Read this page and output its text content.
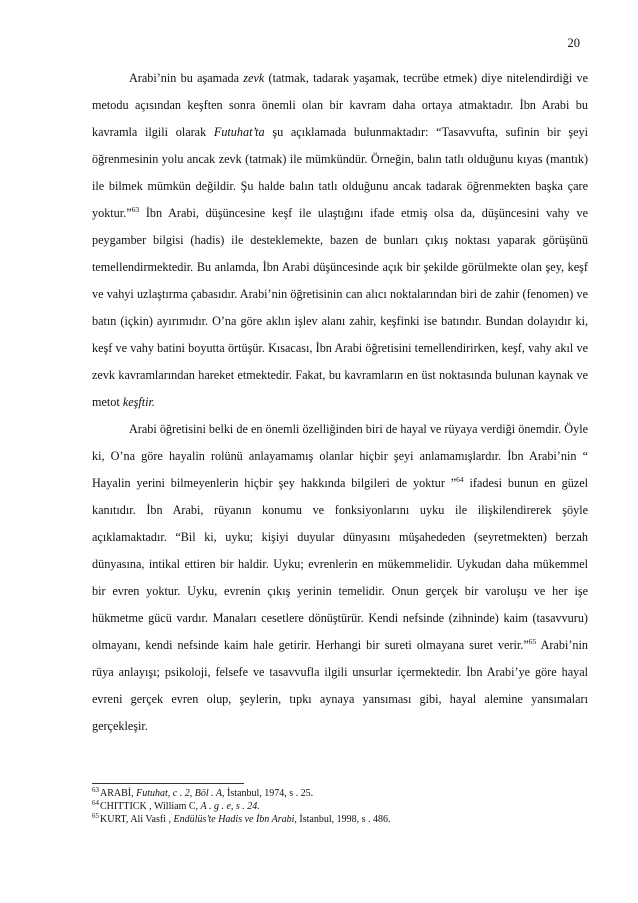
20

Arabi’nin bu aşamada zevk (tatmak, tadarak yaşamak, tecrübe etmek) diye nitelendirdiği ve metodu açısından keşften sonra önemli olan bir kavram daha ortaya atmaktadır. İbn Arabi bu kavramla ilgili olarak Futuhat’ta şu açıklamada bulunmaktadır: “Tasavvufta, sufinin bir şeyi öğrenmesinin yolu ancak zevk (tatmak) ile mümkündür. Örneğin, balın tatlı olduğunu kıyas (mantık) ile bilmek mümkün değildir. Şu halde balın tatlı olduğunu ancak tadarak öğrenmekten başka çare yoktur.”$^{63}$ İbn Arabi, düşüncesine keşf ile ulaştığını ifade etmiş olsa da, düşüncesini vahy ve peygamber bilgisi (hadis) ile desteklemekte, bazen de bunları çıkış noktası yaparak görüşünü temellendirmektedir. Bu anlamda, İbn Arabi düşüncesinde açık bir şekilde görülmekte olan şey, keşf ve vahyi uzlaştırma çabasıdır. Arabi’nin öğretisinin can alıcı noktalarından biri de zahir (fenomen) ve batın (içkin) ayırımıdır. O’na göre aklın işlev alanı zahir, keşfinki ise batındır. Bundan dolayıdır ki, keşf ve vahy batini boyutta örtüşür. Kısacası, İbn Arabi öğretisini temellendirirken, keşf, vahy akıl ve zevk kavramlarından hareket etmektedir. Fakat, bu kavramların en üst noktasında bulunan kaynak ve metot keşftir.

Arabi öğretisini belki de en önemli özelliğinden biri de hayal ve rüyaya verdiği önemdir. Öyle ki, O’na göre hayalin rolünü anlayamamış olanlar hiçbir şeyi anlamamışlardır. İbn Arabi’nin “ Hayalin yerini bilmeyenlerin hiçbir şey hakkında bilgileri de yoktur ”$^{64}$ ifadesi bunun en güzel kanıtıdır. İbn Arabi, rüyanın konumu ve fonksiyonlarını uyku ile ilişkilendirerek şöyle açıklamaktadır. “Bil ki, uyku; kişiyi duyular dünyasını müşahededen (seyretmekten) berzah dünyasına, intikal ettiren bir haldir. Uyku; evrenlerin en mükemmelidir. Uykudan daha mükemmel bir evren yoktur. Uyku, evrenin çıkış yerinin temelidir. Onun gerçek bir varoluşu ve her işe hükmetme gücü vardır. Manaları cesetlere dönüştürür. Kendi nefsinde (zihninde) kaim (tasavvuru) olmayanı, kendi nefsinde kaim hale getirir. Herhangi bir sureti olmayana suret verir.”$^{65}$ Arabi’nin rüya anlayışı; psikoloji, felsefe ve tasavvufla ilgili unsurlar içermektedir. İbn Arabi’ye göre hayal evreni gerçek evren olup, şeylerin, tıpkı aynaya yansıması gibi, hayal alemine yansımaları gerçekleşir.

$^{63}$ARABİ, Futuhat, c . 2, Böl . A, İstanbul, 1974, s . 25.

$^{64}$CHITTICK , William C, A . g . e, s . 24.

$^{65}$KURT, Ali Vasfi , Endülüs’te Hadis ve İbn Arabi, İstanbul, 1998, s . 486.
